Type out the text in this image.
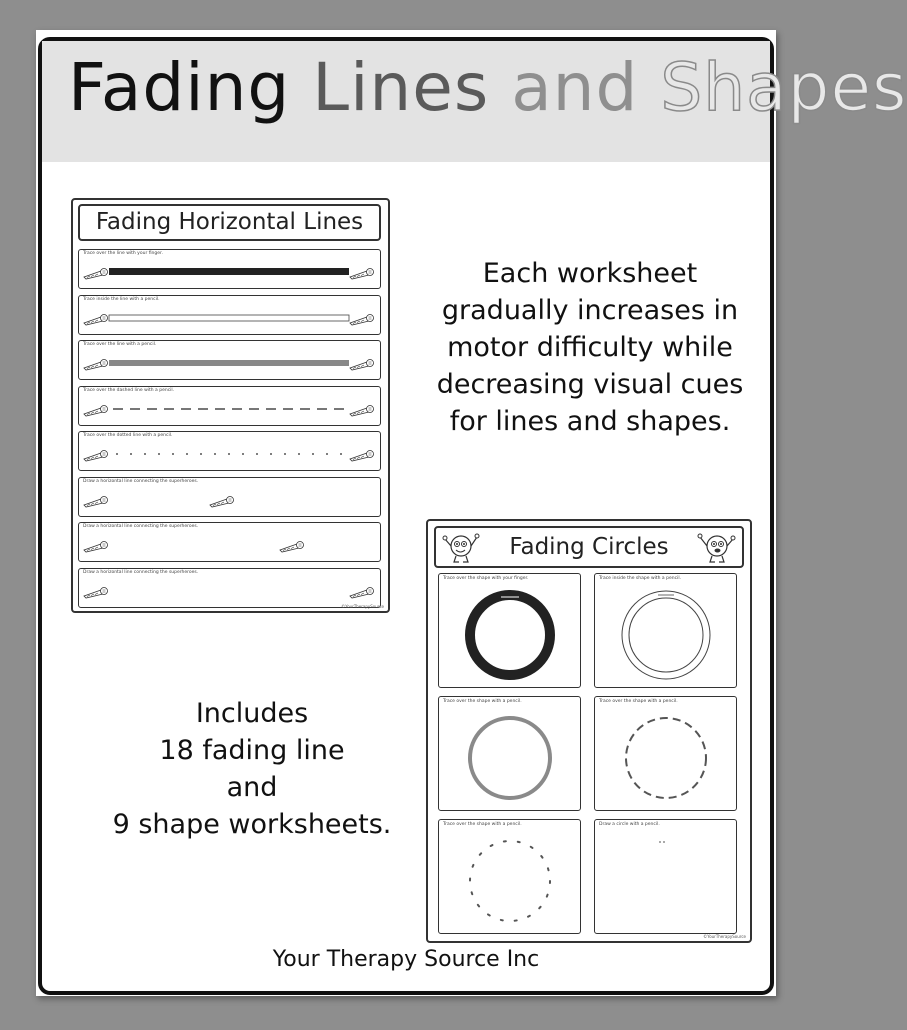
Fading Lines and Shapes
Fading Horizontal Lines
Trace over the line with your finger.
Trace inside the line with a pencil.
Trace over the line with a pencil.
Trace over the dashed line with a pencil.
Trace over the dotted line with a pencil.
Draw a horizontal line connecting the superheroes.
Draw a horizontal line connecting the superheroes.
Draw a horizontal line connecting the superheroes.
©YourTherapySource

Each worksheet
gradually increases in
motor difficulty while
decreasing visual cues
for lines and shapes.

Fading Circles
Trace over the shape with your finger.	Trace inside the shape with a pencil.
Trace over the shape with a pencil.	Trace over the shape with a pencil.
Trace over the shape with a pencil.	Draw a circle with a pencil.
©YourTherapySource
Includes
18 fading line
and
9 shape worksheets.
Your Therapy Source Inc
